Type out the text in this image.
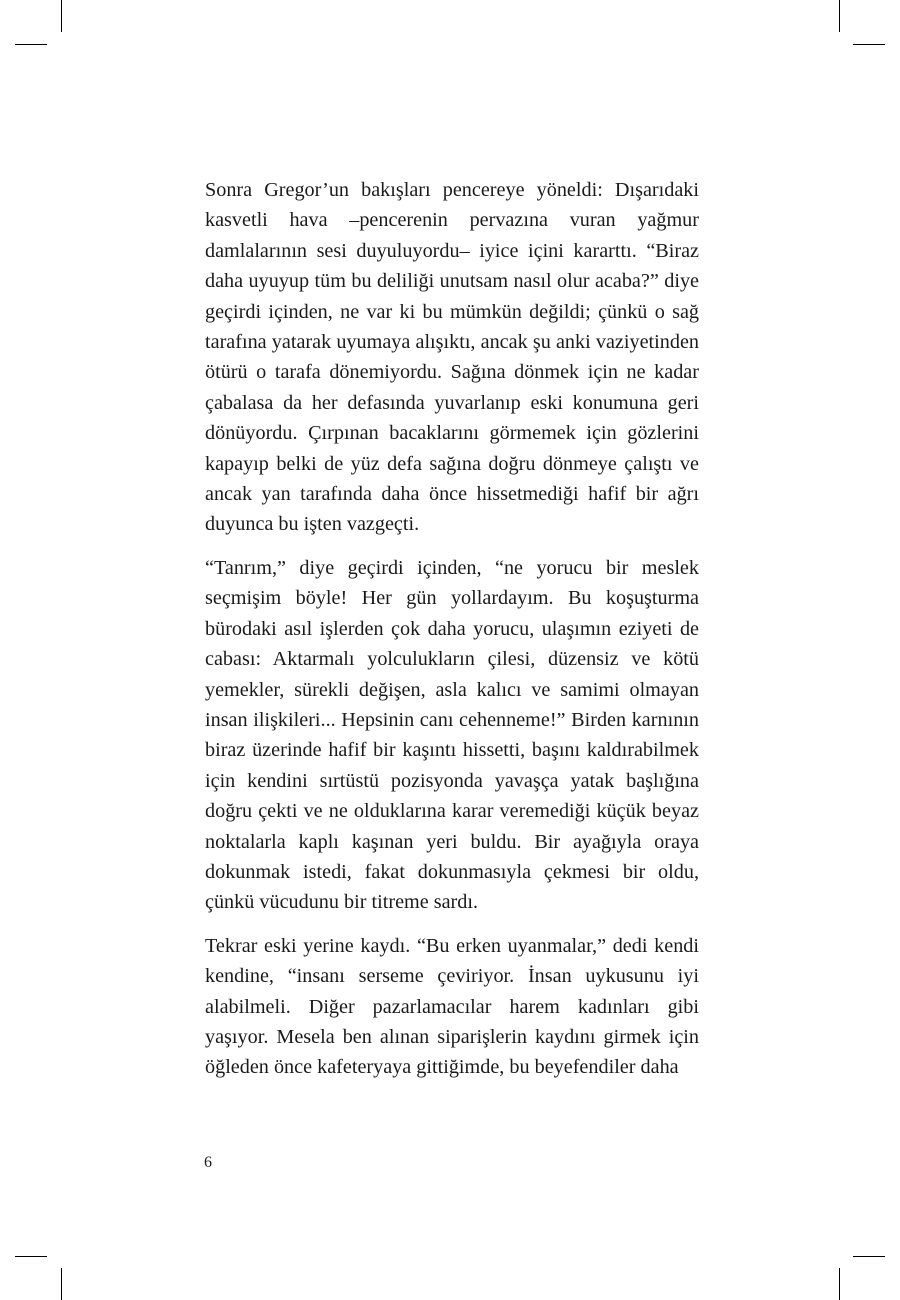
Sonra Gregor’un bakışları pencereye yöneldi: Dışarıdaki kasvetli hava –pencerenin pervazına vuran yağmur damlalarının sesi duyuluyordu– iyice içini kararttı. “Biraz daha uyuyup tüm bu deliliği unutsam nasıl olur acaba?” diye geçirdi içinden, ne var ki bu mümkün değildi; çünkü o sağ tarafına yatarak uyumaya alışıktı, ancak şu anki vaziyetinden ötürü o tarafa dönemiyordu. Sağına dönmek için ne kadar çabalasa da her defasında yuvarlanıp eski konumuna geri dönüyordu. Çırpınan bacaklarını görmemek için gözlerini kapayıp belki de yüz defa sağına doğru dönmeye çalıştı ve ancak yan tarafında daha önce hissetmediği hafif bir ağrı duyunca bu işten vazgeçti.

“Tanrım,” diye geçirdi içinden, “ne yorucu bir meslek seçmişim böyle! Her gün yollardayım. Bu koşuşturma bürodaki asıl işlerden çok daha yorucu, ulaşımın eziyeti de cabası: Aktarmalı yolculukların çilesi, düzensiz ve kötü yemekler, sürekli değişen, asla kalıcı ve samimi olmayan insan ilişkileri... Hepsinin canı cehenneme!” Birden karnının biraz üzerinde hafif bir kaşıntı hissetti, başını kaldırabilmek için kendini sırtüstü pozisyonda yavaşça yatak başlığına doğru çekti ve ne olduklarına karar veremediği küçük beyaz noktalarla kaplı kaşınan yeri buldu. Bir ayağıyla oraya dokunmak istedi, fakat dokunmasıyla çekmesi bir oldu, çünkü vücudunu bir titreme sardı.

Tekrar eski yerine kaydı. “Bu erken uyanmalar,” dedi kendi kendine, “insanı serseme çeviriyor. İnsan uykusunu iyi alabilmeli. Diğer pazarlamacılar harem kadınları gibi yaşıyor. Mesela ben alınan siparişlerin kaydını girmek için öğleden önce kafeteryaya gittiğimde, bu beyefendiler daha

6
